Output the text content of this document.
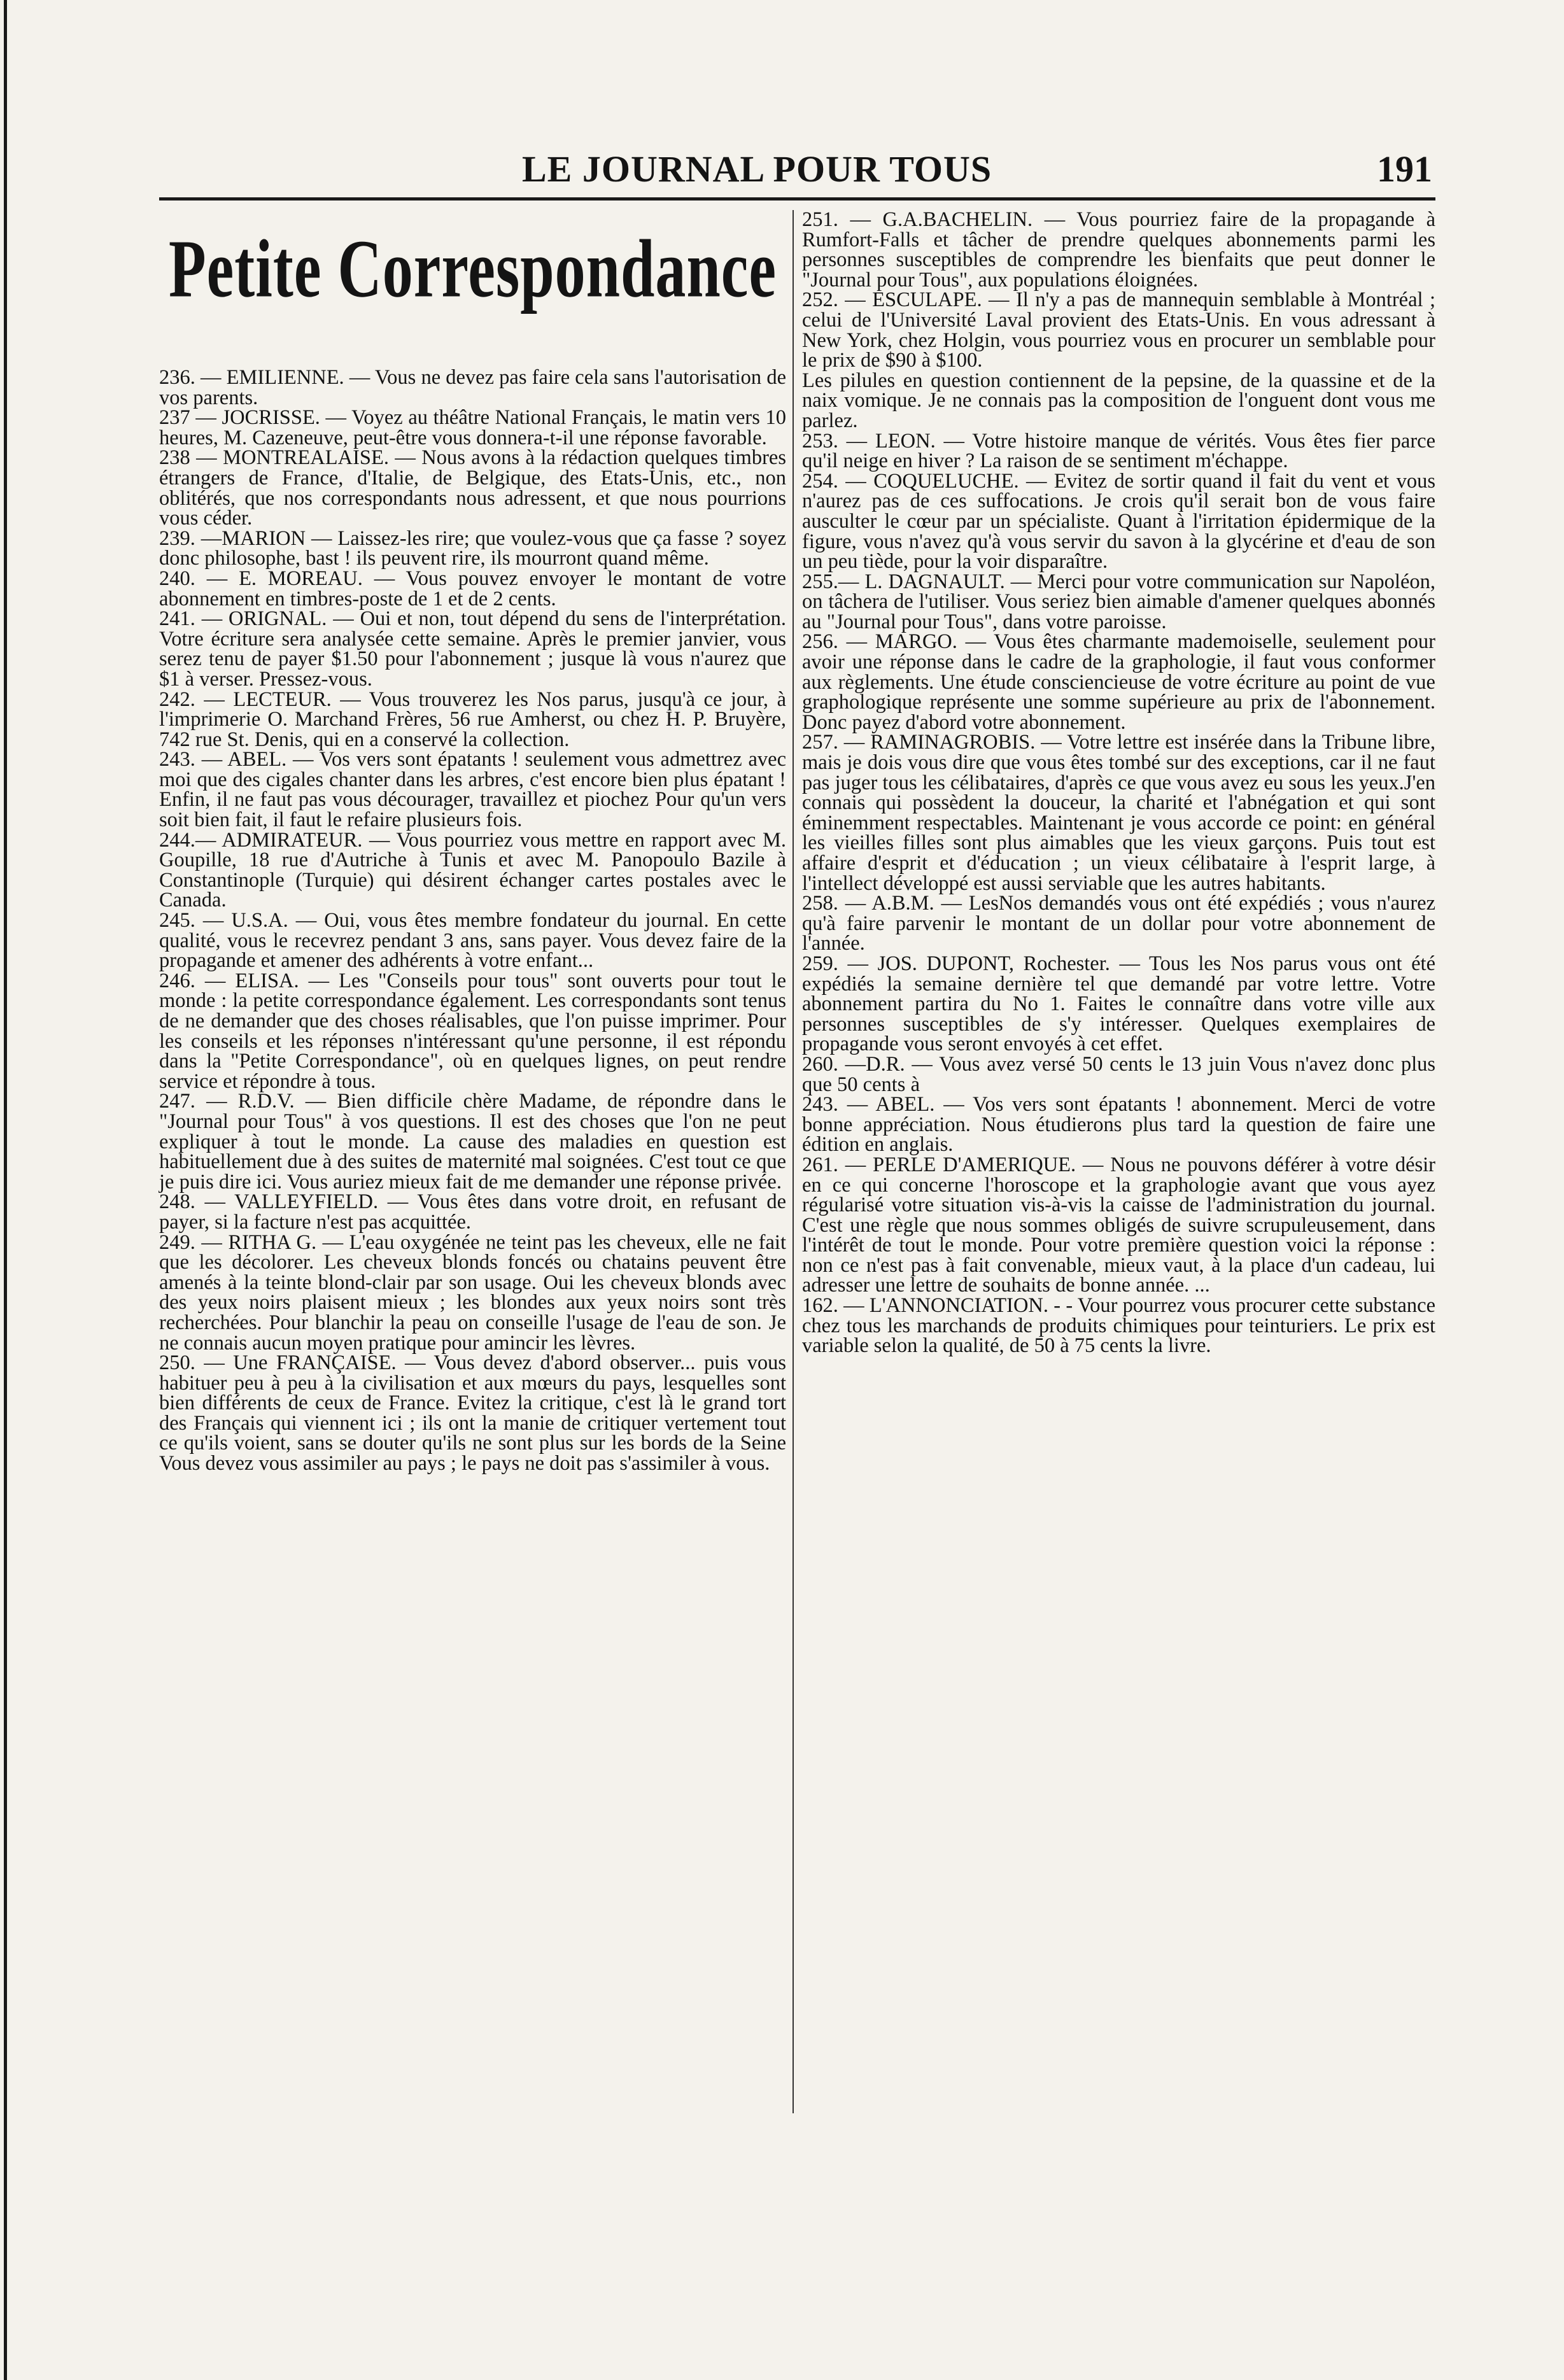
LE JOURNAL POUR TOUS	191
Petite Correspondance

236. — EMILIENNE. — Vous ne devez pas faire cela sans l'autorisation de vos parents.

237 — JOCRISSE. — Voyez au théâtre National Français, le matin vers 10 heures, M. Cazeneuve, peut-être vous donnera-t-il une réponse favorable.

238 — MONTREALAISE. — Nous avons à la rédaction quelques timbres étrangers de France, d'Italie, de Belgique, des Etats-Unis, etc., non oblitérés, que nos correspondants nous adressent, et que nous pourrions vous céder.

239. —MARION — Laissez-les rire; que voulez-vous que ça fasse ? soyez donc philosophe, bast ! ils peuvent rire, ils mourront quand même.

240. — E. MOREAU. — Vous pouvez envoyer le montant de votre abonnement en timbres-poste de 1 et de 2 cents.

241. — ORIGNAL. — Oui et non, tout dépend du sens de l'interprétation. Votre écriture sera analysée cette semaine. Après le premier janvier, vous serez tenu de payer $1.50 pour l'abonnement ; jusque là vous n'aurez que $1 à verser. Pressez-vous.

242. — LECTEUR. — Vous trouverez les Nos parus, jusqu'à ce jour, à l'imprimerie O. Marchand Frères, 56 rue Amherst, ou chez H. P. Bruyère, 742 rue St. Denis, qui en a conservé la collection.

243. — ABEL. — Vos vers sont épatants ! seulement vous admettrez avec moi que des cigales chanter dans les arbres, c'est encore bien plus épatant ! Enfin, il ne faut pas vous décourager, travaillez et piochez Pour qu'un vers soit bien fait, il faut le refaire plusieurs fois.

244.— ADMIRATEUR. — Vous pourriez vous mettre en rapport avec M. Goupille, 18 rue d'Autriche à Tunis et avec M. Panopoulo Bazile à Constantinople (Turquie) qui désirent échanger cartes postales avec le Canada.

245. — U.S.A. — Oui, vous êtes membre fondateur du journal. En cette qualité, vous le recevrez pendant 3 ans, sans payer. Vous devez faire de la propagande et amener des adhérents à votre enfant...

246. — ELISA. — Les "Conseils pour tous" sont ouverts pour tout le monde : la petite correspondance également. Les correspondants sont tenus de ne demander que des choses réalisables, que l'on puisse imprimer. Pour les conseils et les réponses n'intéressant qu'une personne, il est répondu dans la "Petite Correspondance", où en quelques lignes, on peut rendre service et répondre à tous.

247. — R.D.V. — Bien difficile chère Madame, de répondre dans le "Journal pour Tous" à vos questions. Il est des choses que l'on ne peut expliquer à tout le monde. La cause des maladies en question est habituellement due à des suites de maternité mal soignées. C'est tout ce que je puis dire ici. Vous auriez mieux fait de me demander une réponse privée.

248. — VALLEYFIELD. — Vous êtes dans votre droit, en refusant de payer, si la facture n'est pas acquittée.

249. — RITHA G. — L'eau oxygénée ne teint pas les cheveux, elle ne fait que les décolorer. Les cheveux blonds foncés ou chatains peuvent être amenés à la teinte blond-clair par son usage. Oui les cheveux blonds avec des yeux noirs plaisent mieux ; les blondes aux yeux noirs sont très recherchées. Pour blanchir la peau on conseille l'usage de l'eau de son. Je ne connais aucun moyen pratique pour amincir les lèvres.

250. — Une FRANÇAISE. — Vous devez d'abord observer... puis vous habituer peu à peu à la civilisation et aux mœurs du pays, lesquelles sont bien différents de ceux de France. Evitez la critique, c'est là le grand tort des Français qui viennent ici ; ils ont la manie de critiquer vertement tout ce qu'ils voient, sans se douter qu'ils ne sont plus sur les bords de la Seine Vous devez vous assimiler au pays ; le pays ne doit pas s'assimiler à vous.

251. — G.A.BACHELIN. — Vous pourriez faire de la propagande à Rumfort-Falls et tâcher de prendre quelques abonnements parmi les personnes susceptibles de comprendre les bienfaits que peut donner le "Journal pour Tous", aux populations éloignées.

252. — ESCULAPE. — Il n'y a pas de mannequin semblable à Montréal ; celui de l'Université Laval provient des Etats-Unis. En vous adressant à New York, chez Holgin, vous pourriez vous en procurer un semblable pour le prix de $90 à $100.

Les pilules en question contiennent de la pepsine, de la quassine et de la naix vomique. Je ne connais pas la composition de l'onguent dont vous me parlez.

253. — LEON. — Votre histoire manque de vérités. Vous êtes fier parce qu'il neige en hiver ? La raison de se sentiment m'échappe.

254. — COQUELUCHE. — Evitez de sortir quand il fait du vent et vous n'aurez pas de ces suffocations. Je crois qu'il serait bon de vous faire ausculter le cœur par un spécialiste. Quant à l'irritation épidermique de la figure, vous n'avez qu'à vous servir du savon à la glycérine et d'eau de son un peu tiède, pour la voir disparaître.

255.— L. DAGNAULT. — Merci pour votre communication sur Napoléon, on tâchera de l'utiliser. Vous seriez bien aimable d'amener quelques abonnés au "Journal pour Tous", dans votre paroisse.

256. — MARGO. — Vous êtes charmante mademoiselle, seulement pour avoir une réponse dans le cadre de la graphologie, il faut vous conformer aux règlements. Une étude consciencieuse de votre écriture au point de vue graphologique représente une somme supérieure au prix de l'abonnement. Donc payez d'abord votre abonnement.

257. — RAMINAGROBIS. — Votre lettre est insérée dans la Tribune libre, mais je dois vous dire que vous êtes tombé sur des exceptions, car il ne faut pas juger tous les célibataires, d'après ce que vous avez eu sous les yeux.J'en connais qui possèdent la douceur, la charité et l'abnégation et qui sont éminemment respectables. Maintenant je vous accorde ce point: en général les vieilles filles sont plus aimables que les vieux garçons. Puis tout est affaire d'esprit et d'éducation ; un vieux célibataire à l'esprit large, à l'intellect développé est aussi serviable que les autres habitants.

258. — A.B.M. — LesNos demandés vous ont été expédiés ; vous n'aurez qu'à faire parvenir le montant de un dollar pour votre abonnement de l'année.

259. — JOS. DUPONT, Rochester. — Tous les Nos parus vous ont été expédiés la semaine dernière tel que demandé par votre lettre. Votre abonnement partira du No 1. Faites le connaître dans votre ville aux personnes susceptibles de s'y intéresser. Quelques exemplaires de propagande vous seront envoyés à cet effet.

260. —D.R. — Vous avez versé 50 cents le 13 juin Vous n'avez donc plus que 50 cents à

243. — ABEL. — Vos vers sont épatants ! abonnement. Merci de votre bonne appréciation. Nous étudierons plus tard la question de faire une édition en anglais.

261. — PERLE D'AMERIQUE. — Nous ne pouvons déférer à votre désir en ce qui concerne l'horoscope et la graphologie avant que vous ayez régularisé votre situation vis-à-vis la caisse de l'administration du journal. C'est une règle que nous sommes obligés de suivre scrupuleusement, dans l'intérêt de tout le monde. Pour votre première question voici la réponse : non ce n'est pas à fait convenable, mieux vaut, à la place d'un cadeau, lui adresser une lettre de souhaits de bonne année. ...

162. — L'ANNONCIATION. - - Vour pourrez vous procurer cette substance chez tous les marchands de produits chimiques pour teinturiers. Le prix est variable selon la qualité, de 50 à 75 cents la livre.
